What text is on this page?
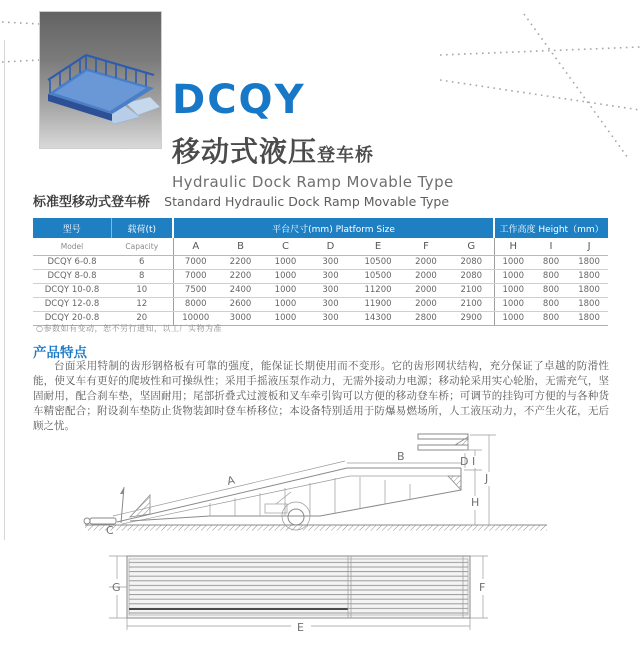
DCQY
移动式液压登车桥
Hydraulic Dock Ramp Movable Type
标准型移动式登车桥 Standard Hydraulic Dock Ramp Movable Type
型号	载荷(t)	平台尺寸(mm) Platform Size							工作高度 Height（mm）		
Model	Capacity	A	B	C	D	E	F	G	H	I	J
DCQY 6-0.8	6	7000	2200	1000	300	10500	2000	2080	1000	800	1800
DCQY 8-0.8	8	7000	2200	1000	300	10500	2000	2080	1000	800	1800
DCQY 10-0.8	10	7500	2400	1000	300	11200	2000	2100	1000	800	1800
DCQY 12-0.8	12	8000	2600	1000	300	11900	2000	2100	1000	800	1800
DCQY 20-0.8	20	10000	3000	1000	300	14300	2800	2900	1000	800	1800
○参数如有变动，恕不另行通知，以工厂实物为准
产品特点
台面采用特制的齿形钢格板有可靠的强度，能保证长期使用而不变形。它的齿形网状结构，充分保证了卓越的防滑性能，使叉车有更好的爬坡性和可操纵性；采用手摇液压泵作动力，无需外接动力电源；移动轮采用实心轮胎，无需充气，坚固耐用，配合刹车垫，坚固耐用；尾部折叠式过渡板和叉车牵引钩可以方便的移动登车桥；可调节的挂钩可方便的与各种货车精密配合；附设刹车垫防止货物装卸时登车桥移位；本设备特别适用于防爆易燃场所，人工液压动力，不产生火花，无后顾之忧。
A
B
C
D I
J
H
G	F
E
